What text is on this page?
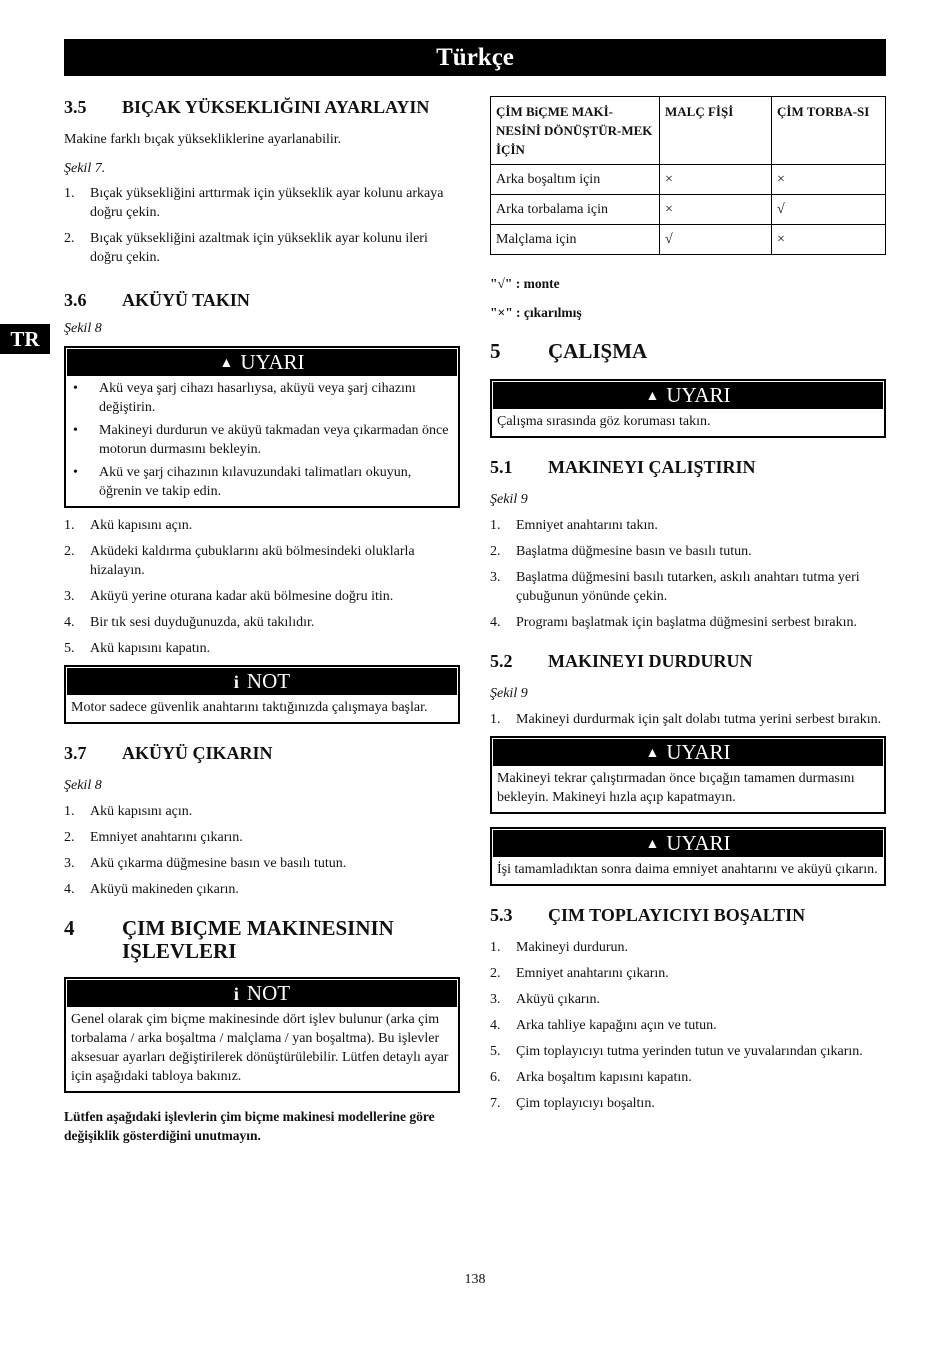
Türkçe
TR
3.5	BIÇAK YÜKSEKLIĞINI AYARLAYIN

Makine farklı bıçak yüksekliklerine ayarlanabilir.

Şekil 7.

1.	Bıçak yüksekliğini arttırmak için yükseklik ayar kolunu arkaya doğru çekin.
2.	Bıçak yüksekliğini azaltmak için yükseklik ayar kolunu ileri doğru çekin.
3.6	AKÜYÜ TAKIN

Şekil 8

▲ UYARI
•	Akü veya şarj cihazı hasarlıysa, aküyü veya şarj cihazını değiştirin.
•	Makineyi durdurun ve aküyü takmadan veya çıkarmadan önce motorun durmasını bekleyin.
•	Akü ve şarj cihazının kılavuzundaki talimatları okuyun, öğrenin ve takip edin.
1.	Akü kapısını açın.
2.	Aküdeki kaldırma çubuklarını akü bölmesindeki oluklarla hizalayın.
3.	Aküyü yerine oturana kadar akü bölmesine doğru itin.
4.	Bir tık sesi duyduğunuzda, akü takılıdır.
5.	Akü kapısını kapatın.
i NOT
Motor sadece güvenlik anahtarını taktığınızda çalışmaya başlar.
3.7	AKÜYÜ ÇIKARIN

Şekil 8

1.	Akü kapısını açın.
2.	Emniyet anahtarını çıkarın.
3.	Akü çıkarma düğmesine basın ve basılı tutun.
4.	Aküyü makineden çıkarın.
4	ÇIM BIÇME MAKINESININ IŞLEVLERI
i NOT
Genel olarak çim biçme makinesinde dört işlev bulunur (arka çim torbalama / arka boşaltma / malçlama / yan boşaltma). Bu işlevler aksesuar ayarları değiştirilerek dönüştürülebilir. Lütfen detaylı ayar için aşağıdaki tabloya bakınız.

Lütfen aşağıdaki işlevlerin çim biçme makinesi modellerine göre değişiklik gösterdiğini unutmayın.

ÇİM BiÇME MAKİ-NESİNİ DÖNÜŞTÜR-MEK İÇİN	MALÇ FİŞİ	ÇİM TORBA-SI
Arka boşaltım için	×	×
Arka torbalama için	×	√
Malçlama için	√	×

"√" : monte

"×" : çıkarılmış

5	ÇALIŞMA
▲ UYARI
Çalışma sırasında göz koruması takın.
5.1	MAKINEYI ÇALIŞTIRIN

Şekil 9

1.	Emniyet anahtarını takın.
2.	Başlatma düğmesine basın ve basılı tutun.
3.	Başlatma düğmesini basılı tutarken, askılı anahtarı tutma yeri çubuğunun yönünde çekin.
4.	Programı başlatmak için başlatma düğmesini serbest bırakın.
5.2	MAKINEYI DURDURUN

Şekil 9

1.	Makineyi durdurmak için şalt dolabı tutma yerini serbest bırakın.
▲ UYARI
Makineyi tekrar çalıştırmadan önce bıçağın tamamen durmasını bekleyin. Makineyi hızla açıp kapatmayın.
▲ UYARI
İşi tamamladıktan sonra daima emniyet anahtarını ve aküyü çıkarın.
5.3	ÇIM TOPLAYICIYI BOŞALTIN
1.	Makineyi durdurun.
2.	Emniyet anahtarını çıkarın.
3.	Aküyü çıkarın.
4.	Arka tahliye kapağını açın ve tutun.
5.	Çim toplayıcıyı tutma yerinden tutun ve yuvalarından çıkarın.
6.	Arka boşaltım kapısını kapatın.
7.	Çim toplayıcıyı boşaltın.
138
